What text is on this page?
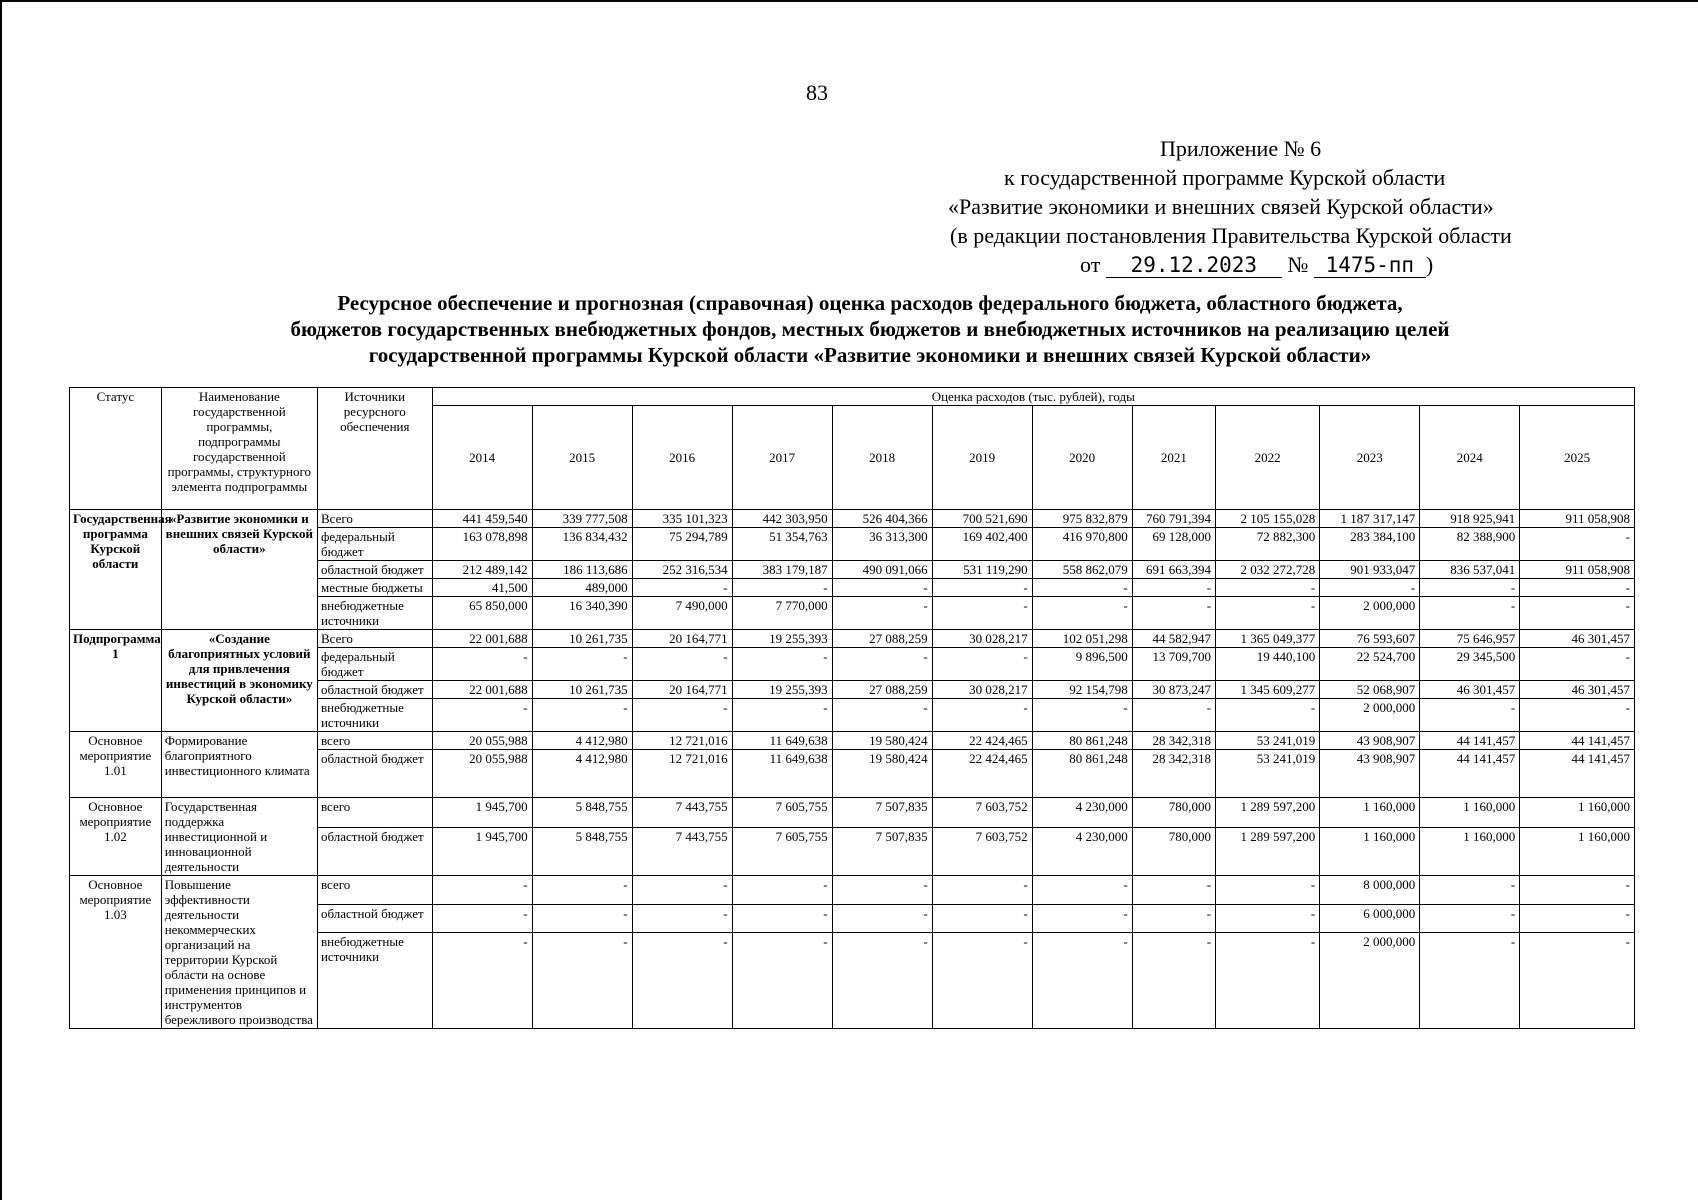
83
Приложение № 6
к государственной программе Курской области
«Развитие экономики и внешних связей Курской области»
(в редакции постановления Правительства Курской области
от 29.12.2023 № 1475-пп )
Ресурсное обеспечение и прогнозная (справочная) оценка расходов федерального бюджета, областного бюджета,
бюджетов государственных внебюджетных фондов, местных бюджетов и внебюджетных источников на реализацию целей
государственной программы Курской области «Развитие экономики и внешних связей Курской области»
Статус	Наименование государственной программы, подпрограммы государственной программы, структурного элемента подпрограммы	Источники ресурсного обеспечения	Оценка расходов (тыс. рублей), годы											
			2014	2015	2016	2017	2018	2019	2020	2021	2022	2023	2024	2025
Государственная программа Курской области	«Развитие экономики и внешних связей Курской области»	Всего	441 459,540	339 777,508	335 101,323	442 303,950	526 404,366	700 521,690	975 832,879	760 791,394	2 105 155,028	1 187 317,147	918 925,941	911 058,908
		федеральный бюджет	163 078,898	136 834,432	75 294,789	51 354,763	36 313,300	169 402,400	416 970,800	69 128,000	72 882,300	283 384,100	82 388,900	-
		областной бюджет	212 489,142	186 113,686	252 316,534	383 179,187	490 091,066	531 119,290	558 862,079	691 663,394	2 032 272,728	901 933,047	836 537,041	911 058,908
		местные бюджеты	41,500	489,000	-	-	-	-	-	-	-	-	-	-
		внебюджетные источники	65 850,000	16 340,390	7 490,000	7 770,000	-	-	-	-	-	2 000,000	-	-
Подпрограмма 1	«Создание благоприятных условий для привлечения инвестиций в экономику Курской области»	Всего	22 001,688	10 261,735	20 164,771	19 255,393	27 088,259	30 028,217	102 051,298	44 582,947	1 365 049,377	76 593,607	75 646,957	46 301,457
		федеральный бюджет	-	-	-	-	-	-	9 896,500	13 709,700	19 440,100	22 524,700	29 345,500	-
		областной бюджет	22 001,688	10 261,735	20 164,771	19 255,393	27 088,259	30 028,217	92 154,798	30 873,247	1 345 609,277	52 068,907	46 301,457	46 301,457
		внебюджетные источники	-	-	-	-	-	-	-	-	-	2 000,000	-	-
Основное мероприятие 1.01	Формирование благоприятного инвестиционного климата	всего	20 055,988	4 412,980	12 721,016	11 649,638	19 580,424	22 424,465	80 861,248	28 342,318	53 241,019	43 908,907	44 141,457	44 141,457
		областной бюджет	20 055,988	4 412,980	12 721,016	11 649,638	19 580,424	22 424,465	80 861,248	28 342,318	53 241,019	43 908,907	44 141,457	44 141,457
Основное мероприятие 1.02	Государственная поддержка инвестиционной и инновационной деятельности	всего	1 945,700	5 848,755	7 443,755	7 605,755	7 507,835	7 603,752	4 230,000	780,000	1 289 597,200	1 160,000	1 160,000	1 160,000
		областной бюджет	1 945,700	5 848,755	7 443,755	7 605,755	7 507,835	7 603,752	4 230,000	780,000	1 289 597,200	1 160,000	1 160,000	1 160,000
Основное мероприятие 1.03	Повышение эффективности деятельности некоммерческих организаций на территории Курской области на основе применения принципов и инструментов бережливого производства	всего	-	-	-	-	-	-	-	-	-	8 000,000	-	-
		областной бюджет	-	-	-	-	-	-	-	-	-	6 000,000	-	-
		внебюджетные источники	-	-	-	-	-	-	-	-	-	2 000,000	-	-
